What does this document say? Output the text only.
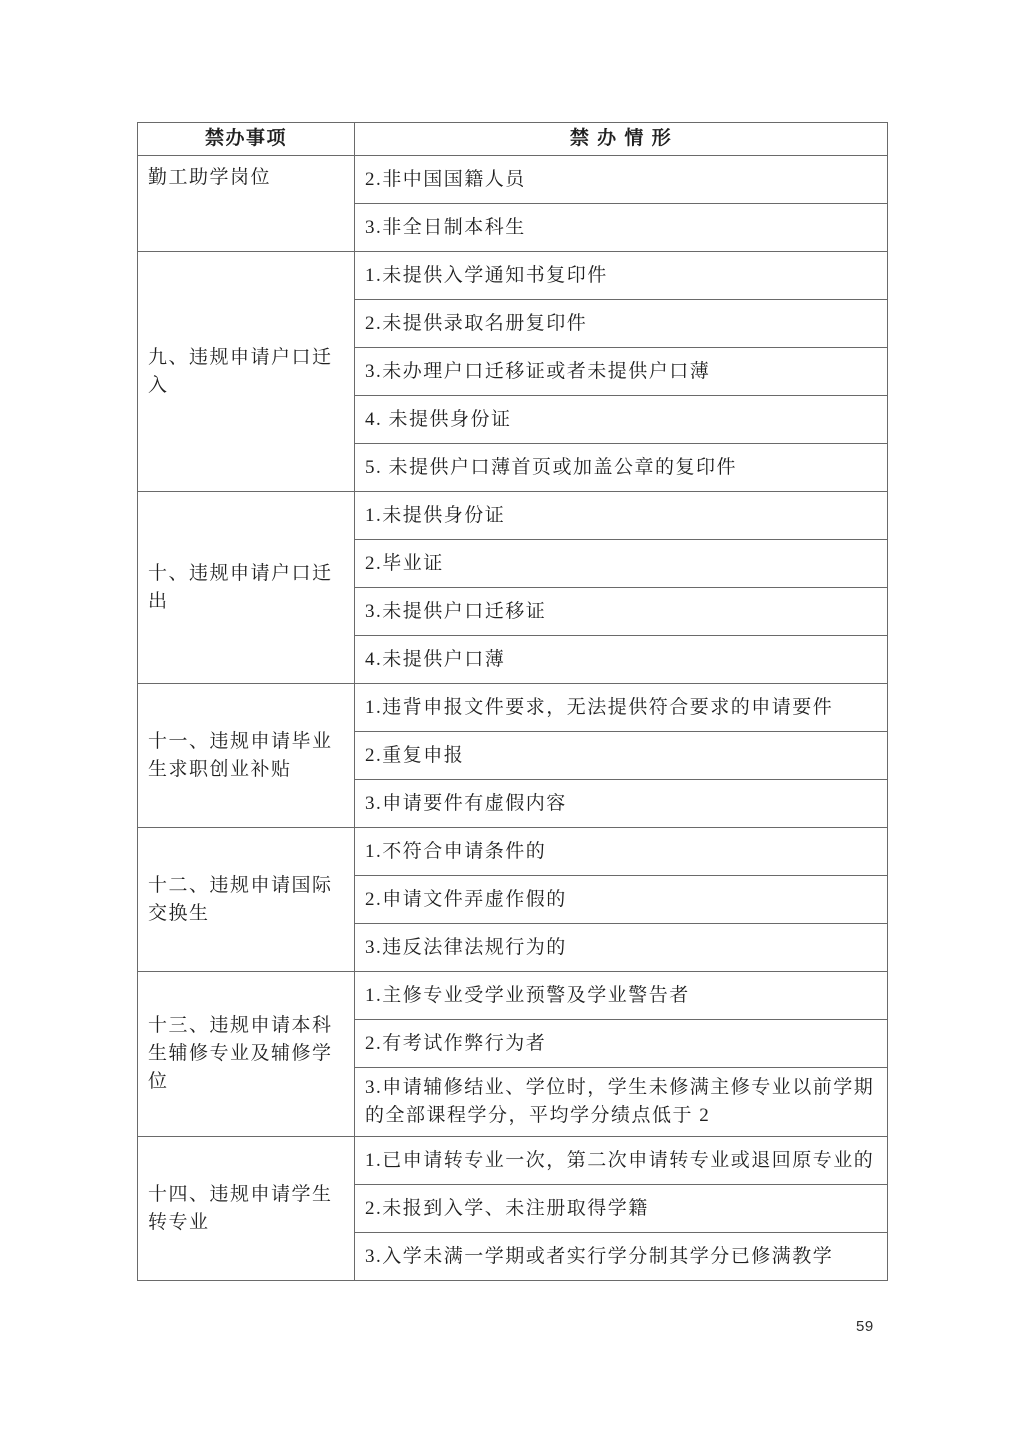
禁办事项	禁 办 情 形
勤工助学岗位	2.非中国国籍人员
	3.非全日制本科生
九、违规申请户口迁入	1.未提供入学通知书复印件
	2.未提供录取名册复印件
	3.未办理户口迁移证或者未提供户口薄
	4. 未提供身份证
	5. 未提供户口薄首页或加盖公章的复印件
十、违规申请户口迁出	1.未提供身份证
	2.毕业证
	3.未提供户口迁移证
	4.未提供户口薄
十一、违规申请毕业生求职创业补贴	1.违背申报文件要求，无法提供符合要求的申请要件
	2.重复申报
	3.申请要件有虚假内容
十二、违规申请国际交换生	1.不符合申请条件的
	2.申请文件弄虚作假的
	3.违反法律法规行为的
十三、违规申请本科生辅修专业及辅修学位	1.主修专业受学业预警及学业警告者
	2.有考试作弊行为者
	3.申请辅修结业、学位时，学生未修满主修专业以前学期的全部课程学分，平均学分绩点低于 2
十四、违规申请学生转专业	1.已申请转专业一次，第二次申请转专业或退回原专业的
	2.未报到入学、未注册取得学籍
	3.入学未满一学期或者实行学分制其学分已修满教学
59
